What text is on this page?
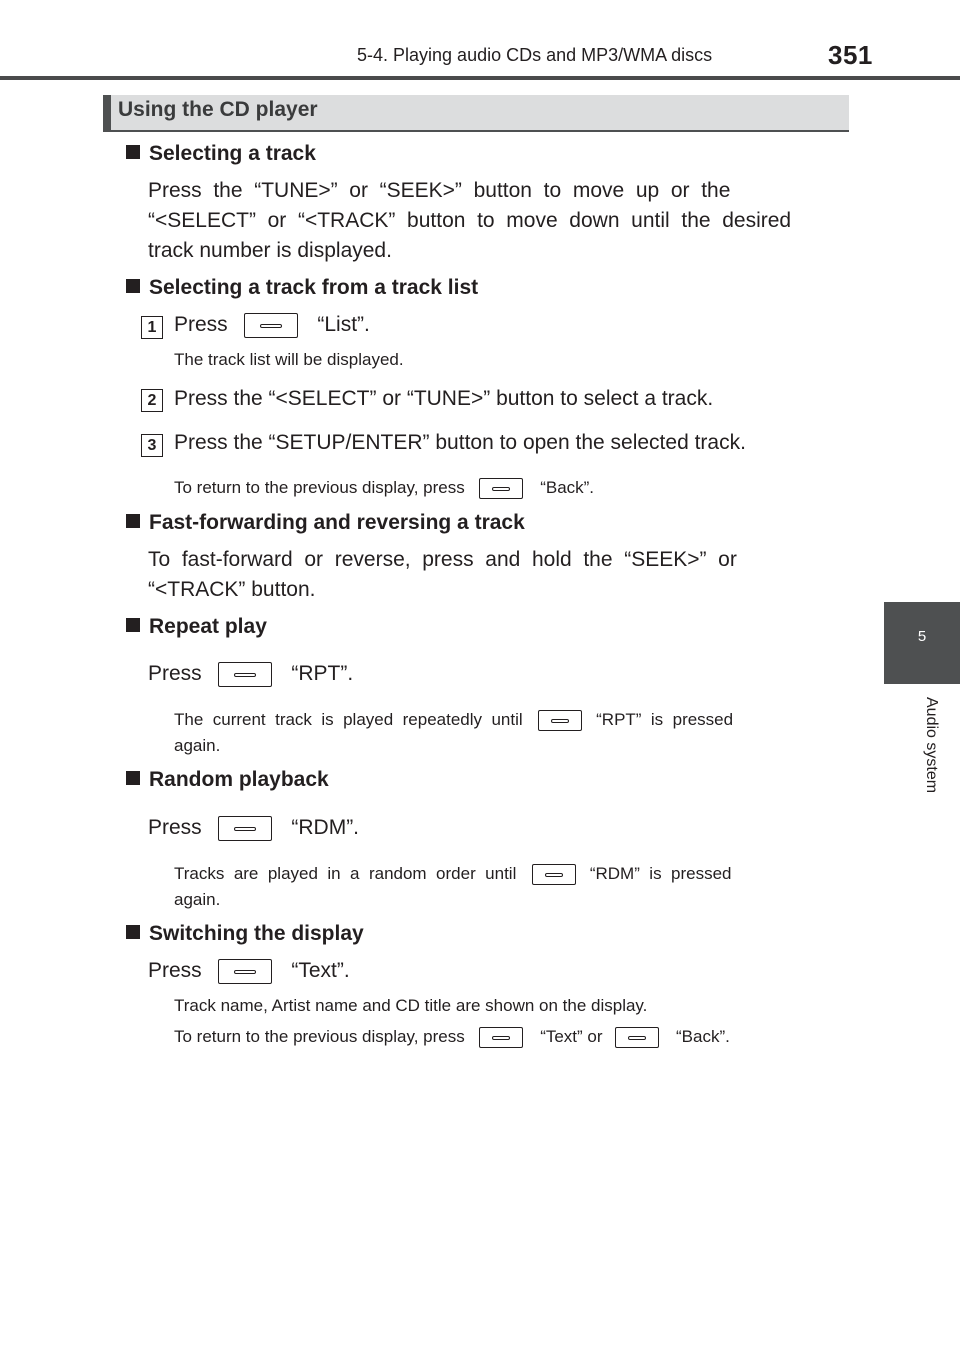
5-4. Playing audio CDs and MP3/WMA discs	351
5
Audio system
Using the CD player
Selecting a track
Press  the  “TUNE>”  or  “SEEK>”  button  to  move  up  or  the
“<SELECT”  or  “<TRACK”  button  to  move  down  until  the  desired
track number is displayed.
Selecting a track from a track list
1 Press	“List”.
The track list will be displayed.
2 Press the “<SELECT” or “TUNE>” button to select a track.
3 Press the “SETUP/ENTER” button to open the selected track.
To return to the previous display, press	“Back”.
Fast-forwarding and reversing a track
To  fast-forward  or  reverse,  press  and  hold  the  “SEEK>”  or
“<TRACK” button.
Repeat play
Press	“RPT”.
The  current  track  is  played  repeatedly  until	“RPT”  is  pressed
again.
Random playback
Press	“RDM”.
Tracks  are  played  in  a  random  order  until	“RDM”  is  pressed
again.
Switching the display
Press	“Text”.
Track name, Artist name and CD title are shown on the display.
To return to the previous display, press	“Text” or	“Back”.
